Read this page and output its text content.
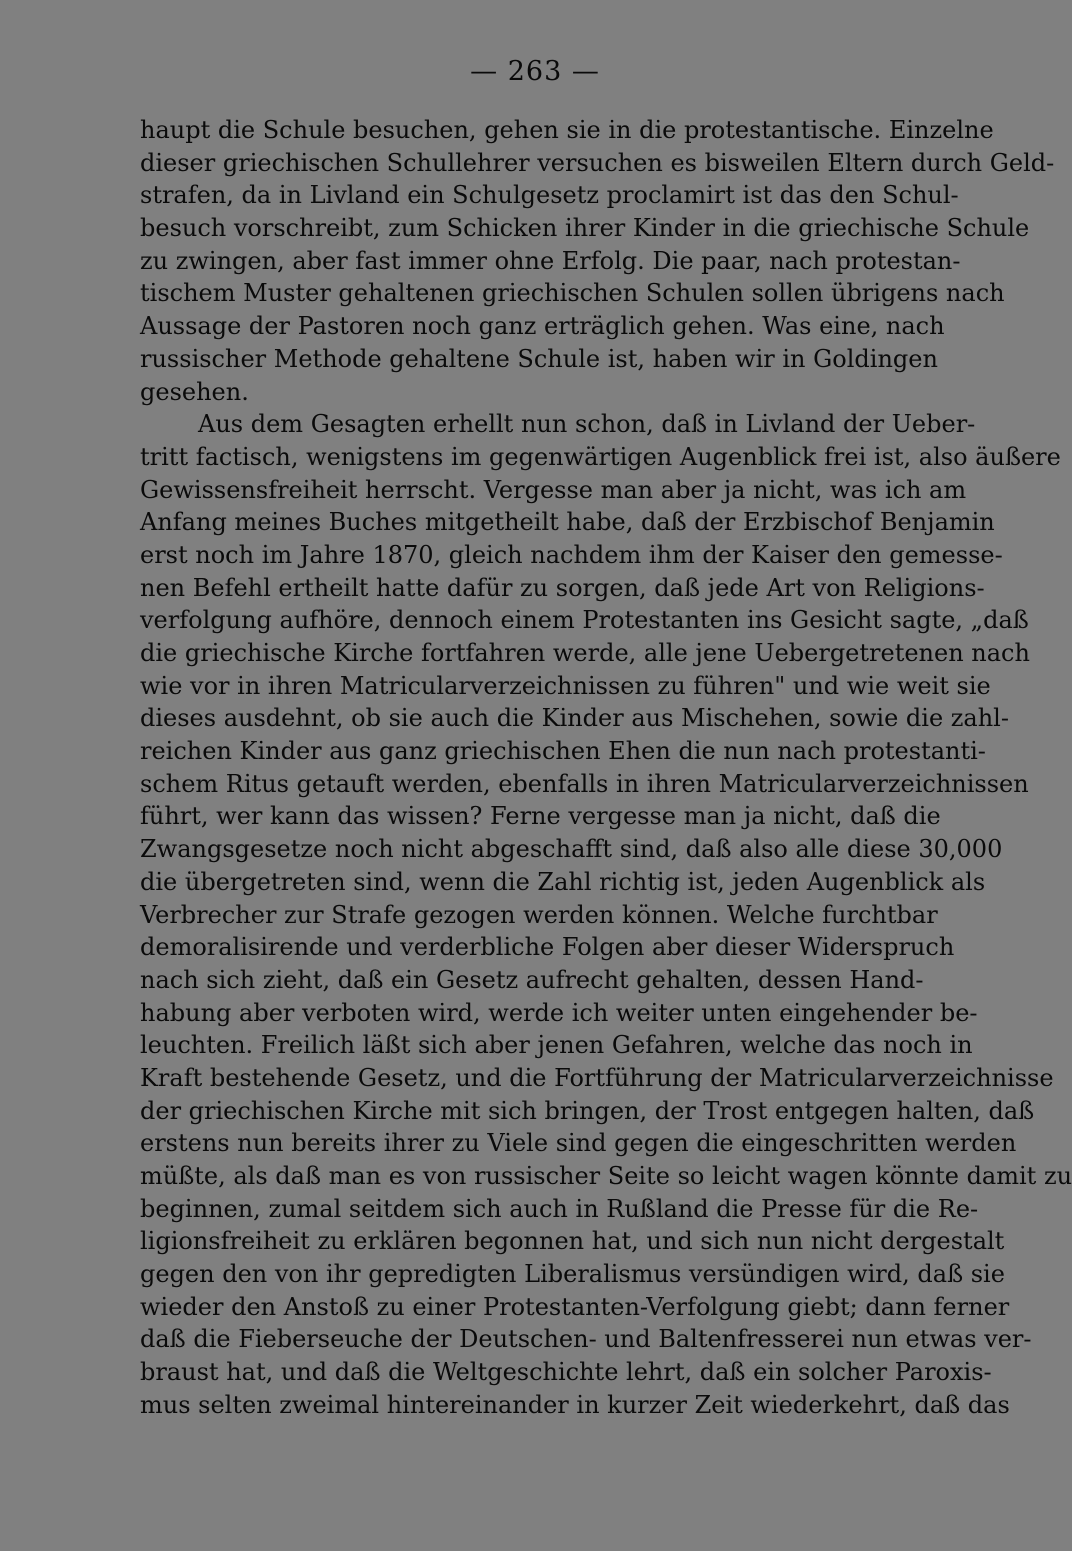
— 263 —
haupt die Schule besuchen, gehen sie in die protestantische. Einzelne
dieser griechischen Schullehrer versuchen es bisweilen Eltern durch Geld-
strafen, da in Livland ein Schulgesetz proclamirt ist das den Schul-
besuch vorschreibt, zum Schicken ihrer Kinder in die griechische Schule
zu zwingen, aber fast immer ohne Erfolg. Die paar, nach protestan-
tischem Muster gehaltenen griechischen Schulen sollen übrigens nach
Aussage der Pastoren noch ganz erträglich gehen. Was eine, nach
russischer Methode gehaltene Schule ist, haben wir in Goldingen
gesehen.
Aus dem Gesagten erhellt nun schon, daß in Livland der Ueber-
tritt factisch, wenigstens im gegenwärtigen Augenblick frei ist, also äußere
Gewissensfreiheit herrscht. Vergesse man aber ja nicht, was ich am
Anfang meines Buches mitgetheilt habe, daß der Erzbischof Benjamin
erst noch im Jahre 1870, gleich nachdem ihm der Kaiser den gemesse-
nen Befehl ertheilt hatte dafür zu sorgen, daß jede Art von Religions-
verfolgung aufhöre, dennoch einem Protestanten ins Gesicht sagte, „daß
die griechische Kirche fortfahren werde, alle jene Uebergetretenen nach
wie vor in ihren Matricularverzeichnissen zu führen" und wie weit sie
dieses ausdehnt, ob sie auch die Kinder aus Mischehen, sowie die zahl-
reichen Kinder aus ganz griechischen Ehen die nun nach protestanti-
schem Ritus getauft werden, ebenfalls in ihren Matricularverzeichnissen
führt, wer kann das wissen? Ferne vergesse man ja nicht, daß die
Zwangsgesetze noch nicht abgeschafft sind, daß also alle diese 30,000
die übergetreten sind, wenn die Zahl richtig ist, jeden Augenblick als
Verbrecher zur Strafe gezogen werden können. Welche furchtbar
demoralisirende und verderbliche Folgen aber dieser Widerspruch
nach sich zieht, daß ein Gesetz aufrecht gehalten, dessen Hand-
habung aber verboten wird, werde ich weiter unten eingehender be-
leuchten. Freilich läßt sich aber jenen Gefahren, welche das noch in
Kraft bestehende Gesetz, und die Fortführung der Matricularverzeichnisse
der griechischen Kirche mit sich bringen, der Trost entgegen halten, daß
erstens nun bereits ihrer zu Viele sind gegen die eingeschritten werden
müßte, als daß man es von russischer Seite so leicht wagen könnte damit zu
beginnen, zumal seitdem sich auch in Rußland die Presse für die Re-
ligionsfreiheit zu erklären begonnen hat, und sich nun nicht dergestalt
gegen den von ihr gepredigten Liberalismus versündigen wird, daß sie
wieder den Anstoß zu einer Protestanten-Verfolgung giebt; dann ferner
daß die Fieberseuche der Deutschen- und Baltenfresserei nun etwas ver-
braust hat, und daß die Weltgeschichte lehrt, daß ein solcher Paroxis-
mus selten zweimal hintereinander in kurzer Zeit wiederkehrt, daß das
